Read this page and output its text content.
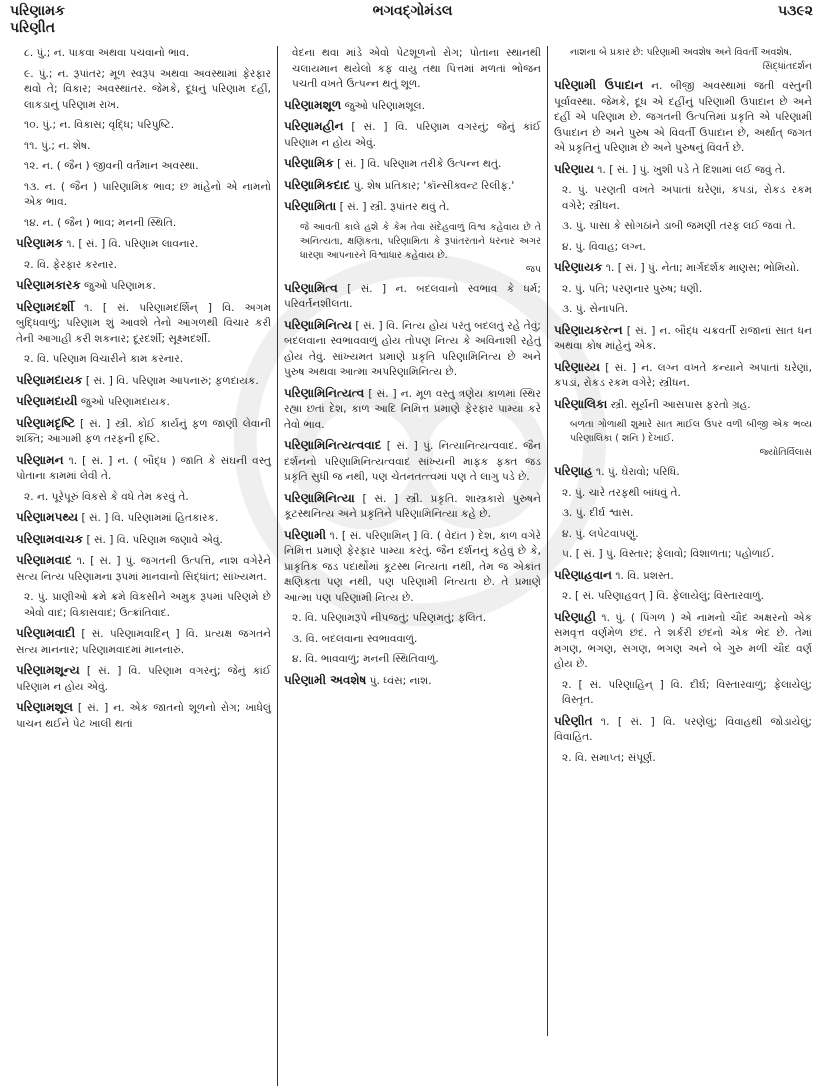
પરિણામક
પરિણીત
ભગવદ્ગોમંડલ	૫૩૯૨
૮. પું.; ન. પાકવા અથવા પચવાનો ભાવ.
૯. પું.; ન. રૂપાંતર; મૂળ સ્વરૂપ અથવા અવસ્થામાં ફેરફાર થવો તે; વિકાર; અવસ્થાંતર. જેમકે, દૂધનું પરિણામ દહીં, લાકડાનું પરિણામ રાખ.
૧૦. પું.; ન. વિકાસ; વૃદ્ધિ; પરિપુષ્ટિ.
૧૧. પું.; ન. શેષ.
૧૨. ન. ( જૈન ) જીવની વર્તમાન અવસ્થા.
૧૩. ન. ( જૈન ) પારિણામિક ભાવ; છ માંહેનો એ નામનો એક ભાવ.
૧૪. ન. ( જૈન ) ભાવ; મનની સ્થિતિ.
પરિણામક ૧. [ સં. ] વિ. પરિણામ લાવનાર.
૨. વિ. ફેરફાર કરનાર.
પરિણામકારક જુઓ પરિણામક.
પરિણામદર્શી ૧. [ સં. પરિણામદર્શિન્ ] વિ. અગમ બુદ્ધિવાળું; પરિણામ શું આવશે તેનો આગળથી વિચાર કરી તેની આગાહી કરી શકનાર; દૂરદર્શી; સૂક્ષ્મદર્શી.
૨. વિ. પરિણામ વિચારીને કામ કરનાર.
પરિણામદાયક [ સં. ] વિ. પરિણામ આપનારું; ફળદાયક.
પરિણામદાયી જુઓ પરિણામદાયક.
પરિણામદૃષ્ટિ [ સં. ] સ્ત્રી. કોઈ કાર્યનું ફળ જાણી લેવાની શક્તિ; આગામી ફળ તરફની દૃષ્ટિ.
પરિણામન ૧. [ સં. ] ન. ( બૌદ્ધ ) જાતિ કે સંઘની વસ્તુ પોતાના કામમાં લેવી તે.
૨. ન. પૂરેપૂરું વિકસે કે વધે તેમ કરવું તે.
પરિણામપથ્ય [ સં. ] વિ. પરિણામમાં હિતકારક.
પરિણામવાચક [ સં. ] વિ. પરિણામ જણાવે એવું.
પરિણામવાદ ૧. [ સં. ] પું. જગતની ઉત્પત્તિ, નાશ વગેરેને સત્ય નિત્ય પરિણામના રૂપમાં માનવાનો સિદ્ધાંત; સાંખ્યમત.
૨. પું. પ્રાણીઓ ક્રમે ક્રમે વિકસીને અમુક રૂપમાં પરિણમે છે એવો વાદ; વિકાસવાદ; ઉત્ક્રાંતિવાદ.
પરિણામવાદી [ સં. પરિણામવાદિન્ ] વિ. પ્રત્યક્ષ જગતને સત્ય માનનાર; પરિણામવાદમાં માનનારું.
પરિણામશૂન્ય [ સં. ] વિ. પરિણામ વગરનું; જેનું કાંઈ પરિણામ ન હોય એવું.
પરિણામશૂલ [ સં. ] ન. એક જાતનો શૂળનો રોગ; ખાધેલું પાચન થઈને પેટ ખાલી થતાં
વેદના થવા માંડે એવો પેટશૂળનો રોગ; પોતાના સ્થાનથી ચલાયમાન થયેલો કફ વાયુ તથા પિત્તમાં મળતાં ભોજન પચતી વખતે ઉત્પન્ન થતું શૂળ.
પરિણામશૂળ જુઓ પરિણામશૂલ.
પરિણામહીન [ સં. ] વિ. પરિણામ વગરનું; જેનું કાંઈ પરિણામ ન હોય એવું.
પરિણામિક [ સં. ] વિ. પરિણામ તરીકે ઉત્પન્ન થતું.
પરિણામિકદાદ પું. શેષ પ્રતિકાર; 'કૉન્સીક્વન્ટ રિલીફ.'
પરિણામિતા [ સં. ] સ્ત્રી. રૂપાંતર થવું તે.
જે આવતી કાલે હશે કે કેમ તેવા સંદેહવાળું વિશ્વ કહેવાય છે તે અનિત્યતા, ક્ષણિકતા, પરિણામિતા કે રૂપાંતરતાને ધરનાર અગર ધારણા આપનારને વિશ્વાધાર કહેવાય છે.
જપ
પરિણામિત્વ [ સં. ] ન. બદલવાનો સ્વભાવ કે ધર્મ; પરિવર્તનશીલતા.
પરિણામિનિત્ય [ સં. ] વિ. નિત્ય હોય પરંતુ બદલતું રહે તેવું; બદલવાના સ્વભાવવાળું હોય તોપણ નિત્ય કે અવિનાશી રહેતું હોય તેવું. સાંખ્યમત પ્રમાણે પ્રકૃતિ પરિણામિનિત્ય છે અને પુરુષ અથવા આત્મા અપરિણામિનિત્ય છે.
પરિણામિનિત્યત્વ [ સં. ] ન. મૂળ વસ્તુ ત્રણેય કાળમાં સ્થિર રહ્યા છતાં દેશ, કાળ આદિ નિમિત્ત પ્રમાણે ફેરફાર પામ્યા કરે તેવો ભાવ.
પરિણામિનિત્યત્વવાદ [ સં. ] પું. નિત્યાનિત્યત્વવાદ. જૈન દર્શનનો પરિણામિનિત્યત્વવાદ સાંખ્યની માફક ફક્ત જડ પ્રકૃતિ સુધી જ નથી, પણ ચેતનતત્ત્વમાં પણ તે લાગુ પડે છે.
પરિણામિનિત્યા [ સં. ] સ્ત્રી. પ્રકૃતિ. શાસ્ત્રકારો પુરુષને કૂટસ્થનિત્ય અને પ્રકૃતિને પરિણામિનિત્યા કહે છે.
પરિણામી ૧. [ સં. પરિણામિન્ ] વિ. ( વેદાંત ) દેશ, કાળ વગેરે નિમિત્ત પ્રમાણે ફેરફાર પામ્યા કરતું. જૈન દર્શનનું કહેવું છે કે, પ્રાકૃતિક જડ પદાર્થોમાં કૂટસ્થ નિત્યતા નથી, તેમ જ એકાંત ક્ષણિકતા પણ નથી, પણ પરિણામી નિત્યતા છે. તે પ્રમાણે આત્મા પણ પરિણામી નિત્ય છે.
૨. વિ. પરિણામરૂપે નીપજતું; પરિણમતું; ફલિત.
૩. વિ. બદલવાના સ્વભાવવાળું.
૪. વિ. ભાવવાળું; મનની સ્થિતિવાળું.
પરિણામી અવશેષ પું. ધ્વંસ; નાશ.
નાશના બે પ્રકાર છે: પરિણામી અવશેષ અને વિવર્તી અવશેષ.
સિદ્ધાંતદર્શન
પરિણામી ઉપાદાન ન. બીજી અવસ્થામાં જતી વસ્તુની પૂર્વાવસ્થા. જેમકે, દૂધ એ દહીંનું પરિણામી ઉપાદાન છે અને દહીં એ પરિણામ છે. જગતની ઉત્પત્તિમાં પ્રકૃતિ એ પરિણામી ઉપાદાન છે અને પુરુષ એ વિવર્તી ઉપાદાન છે, અર્થાત્ જગત એ પ્રકૃતિનું પરિણામ છે અને પુરુષનું વિવર્ત છે.
પરિણાય ૧. [ સં. ] પું. ખુશી પડે તે દિશામાં લઈ જવું તે.
૨. પું. પરણતી વખતે અપાતાં ઘરેણાં, કપડાં, રોકડ રકમ વગેરે; સ્ત્રીધન.
૩. પું. પાસા કે સોગઠાંને ડાબી જમણી તરફ લઈ જવાં તે.
૪. પું. વિવાહ; લગ્ન.
પરિણાયક ૧. [ સં. ] પું. નેતા; માર્ગદર્શક માણસ; ભોમિયો.
૨. પું. પતિ; પરણનાર પુરુષ; ધણી.
૩. પું. સેનાપતિ.
પરિણાયકરત્ન [ સં. ] ન. બૌદ્ધ ચક્રવર્તી રાજાનાં સાત ધન અથવા કોષ માંહેનું એક.
પરિણાય્ય [ સં. ] ન. લગ્ન વખતે કન્યાને અપાતાં ઘરેણાં, કપડાં, રોકડ રકમ વગેરે; સ્ત્રીધન.
પરિણાલિકા સ્ત્રી. સૂર્યની આસપાસ ફરતો ગ્રહ.
બળતા ગોળાથી શુમારે સાત માઈલ ઉપર વળી બીજી એક ભવ્ય પરિણાલિકા ( શનિ ) દેખાઈ.
જ્યોતિર્વિલાસ
પરિણાહ ૧. પું. ઘેરાવો; પરિધિ.
૨. પું. ચારે તરફથી બાંધવું તે.
૩. પું. દીર્ઘ શ્વાસ.
૪. પું. લપેટવાપણું.
૫. [ સં. ] પું. વિસ્તાર; ફેલાવો; વિશાળતા; પહોળાઈ.
પરિણાહવાન ૧. વિ. પ્રશસ્ત.
૨. [ સં. પરિણાહવત્ ] વિ. ફેલાયેલું; વિસ્તારવાળું.
પરિણાહી ૧. પું. ( પિંગળ ) એ નામનો ચૌદ અક્ષરનો એક સમવૃત્ત વર્ણમેળ છંદ. તે શર્કરી છંદનો એક ભેદ છે. તેમાં મગણ, ભગણ, સગણ, ભગણ અને બે ગુરુ મળી ચૌદ વર્ણ હોય છે.
૨. [ સં. પરિણાહિન્ ] વિ. દીર્ઘ; વિસ્તારવાળું; ફેલાયેલું; વિસ્તૃત.
પરિણીત ૧. [ સં. ] વિ. પરણેલું; વિવાહથી જોડાયેલું; વિવાહિત.
૨. વિ. સમાપ્ત; સંપૂર્ણ.
